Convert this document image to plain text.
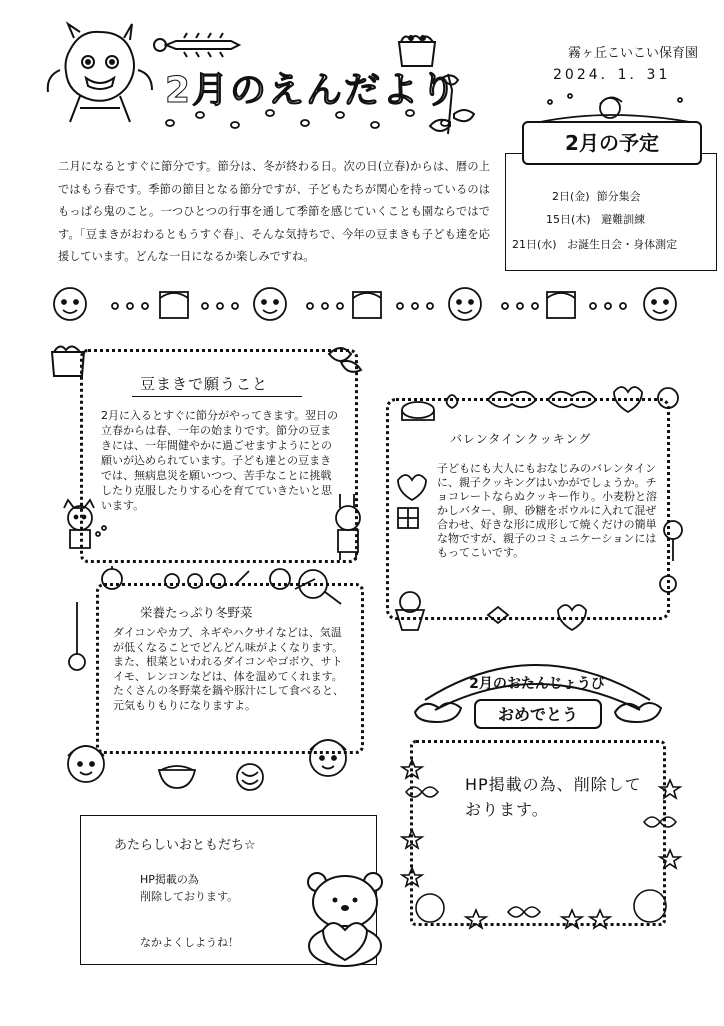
2月のえんだより
霧ヶ丘こいこい保育園
2024．1．31
2月の予定
2日(金) 節分集会
15日(木) 避難訓練
21日(水) お誕生日会・身体測定
二月になるとすぐに節分です。節分は、冬が終わる日。次の日(立春)からは、暦の上ではもう春です。季節の節目となる節分ですが、子どもたちが関心を持っているのはもっぱら鬼のこと。一つひとつの行事を通して季節を感じていくことも園ならではです。「豆まきがおわるともうすぐ春」、そんな気持ちで、今年の豆まきも子ども達を応援しています。どんな一日になるか楽しみですね。
豆まきで願うこと
2月に入るとすぐに節分がやってきます。翌日の立春からは春、一年の始まりです。節分の豆まきには、一年間健やかに過ごせますようにとの願いが込められています。子ども達との豆まきでは、無病息災を願いつつ、苦手なことに挑戦したり克服したりする心を育てていきたいと思います。
栄養たっぷり冬野菜
ダイコンやカブ、ネギやハクサイなどは、気温が低くなることでどんどん味がよくなります。また、根菜といわれるダイコンやゴボウ、サトイモ、レンコンなどは、体を温めてくれます。たくさんの冬野菜を鍋や豚汁にして食べると、元気もりもりになりますよ。
バレンタインクッキング
子どもにも大人にもおなじみのバレンタインに、親子クッキングはいかがでしょうか。チョコレートならぬクッキー作り。小麦粉と溶かしバター、卵、砂糖をボウルに入れて混ぜ合わせ、好きな形に成形して焼くだけの簡単な物ですが、親子のコミュニケーションにはもってこいです。
2月のおたんじょうび
おめでとう
HP掲載の為、削除しております。
あたらしいおともだち☆
HP掲載の為
削除しております。
なかよくしようね！
